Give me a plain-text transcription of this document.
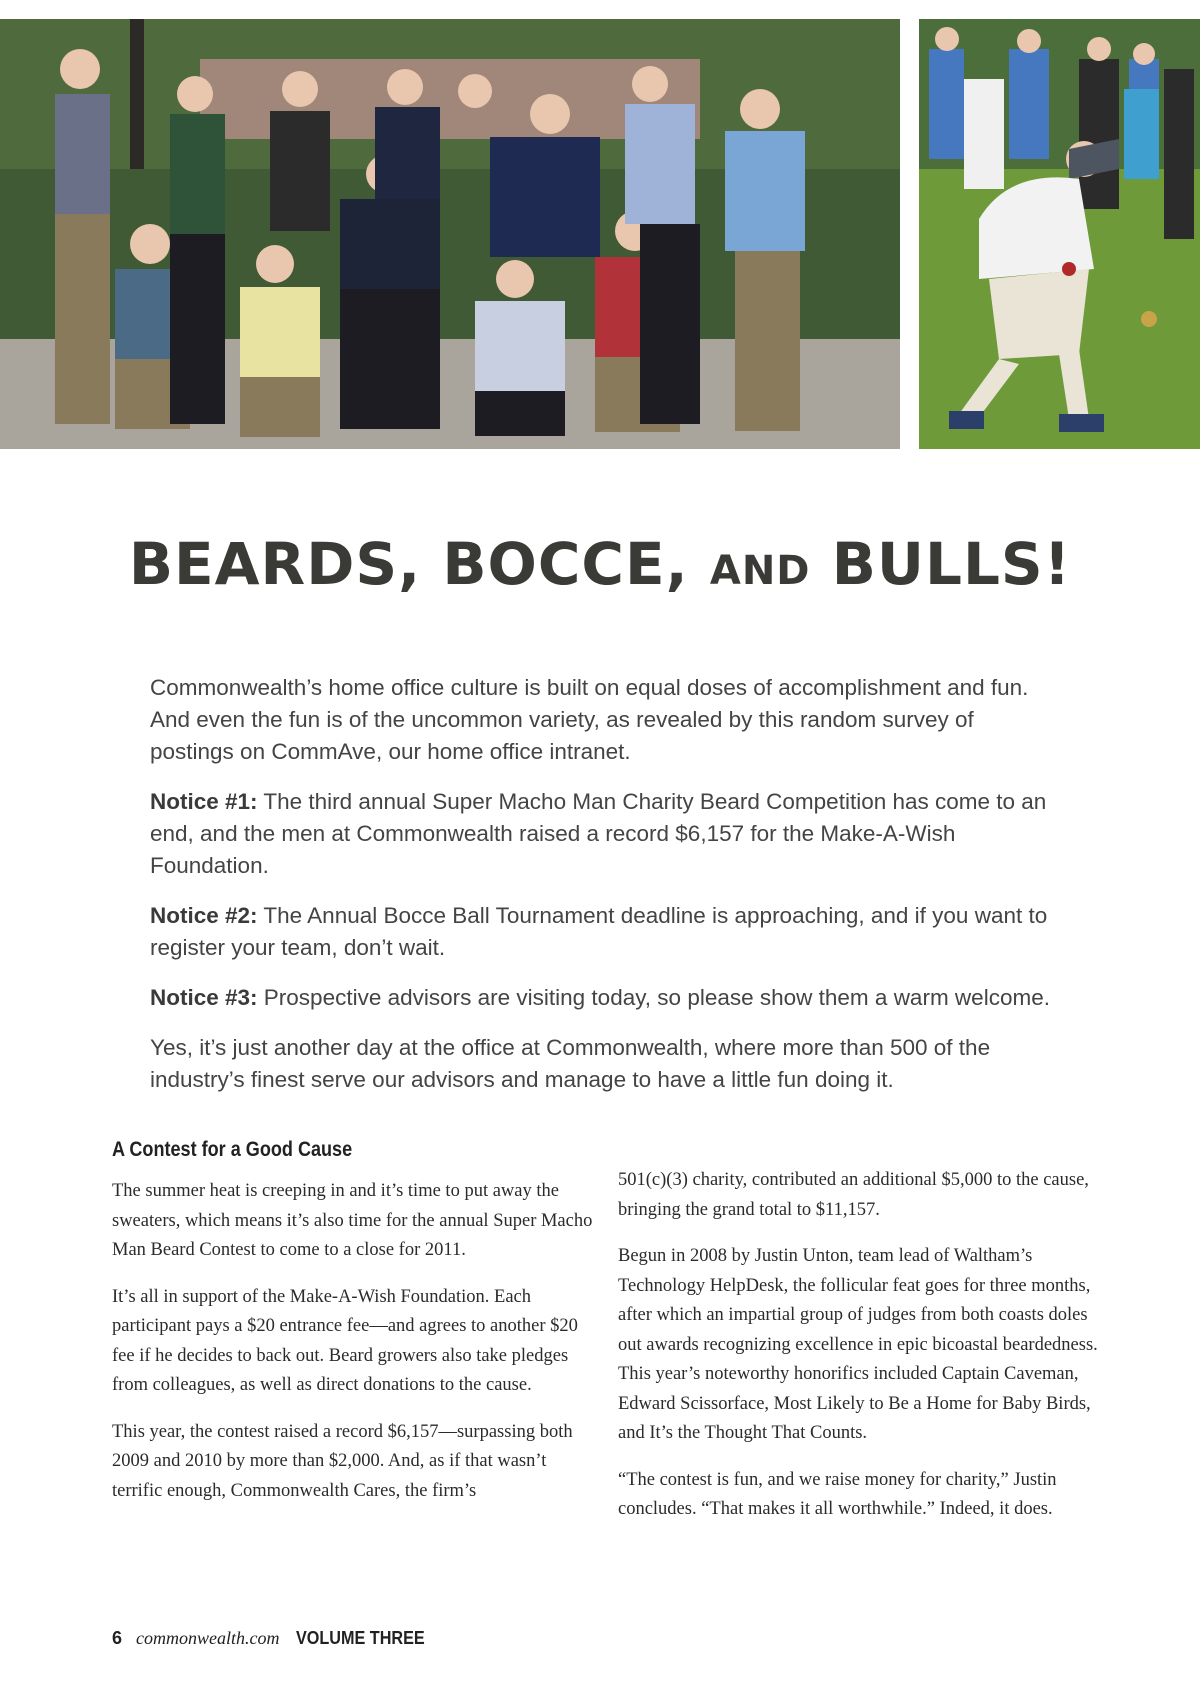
BEARDS, BOCCE, AND BULLS!

Commonwealth’s home office culture is built on equal doses of accomplishment and fun. And even the fun is of the uncommon variety, as revealed by this random survey of postings on CommAve, our home office intranet.

Notice #1: The third annual Super Macho Man Charity Beard Competition has come to an end, and the men at Commonwealth raised a record $6,157 for the Make-A-Wish Foundation.

Notice #2: The Annual Bocce Ball Tournament deadline is approaching, and if you want to register your team, don’t wait.

Notice #3: Prospective advisors are visiting today, so please show them a warm welcome.

Yes, it’s just another day at the office at Commonwealth, where more than 500 of the industry’s finest serve our advisors and manage to have a little fun doing it.

A Contest for a Good Cause

The summer heat is creeping in and it’s time to put away the sweaters, which means it’s also time for the annual Super Macho Man Beard Contest to come to a close for 2011.

It’s all in support of the Make-A-Wish Foundation. Each participant pays a $20 entrance fee—and agrees to another $20 fee if he decides to back out. Beard growers also take pledges from colleagues, as well as direct donations to the cause.

This year, the contest raised a record $6,157—surpassing both 2009 and 2010 by more than $2,000. And, as if that wasn’t terrific enough, Commonwealth Cares, the firm’s

501(c)(3) charity, contributed an additional $5,000 to the cause, bringing the grand total to $11,157.

Begun in 2008 by Justin Unton, team lead of Waltham’s Technology HelpDesk, the follicular feat goes for three months, after which an impartial group of judges from both coasts doles out awards recognizing excellence in epic bicoastal beardedness. This year’s noteworthy honorifics included Captain Caveman, Edward Scissorface, Most Likely to Be a Home for Baby Birds, and It’s the Thought That Counts.

“The contest is fun, and we raise money for charity,” Justin concludes. “That makes it all worthwhile.” Indeed, it does.

6 commonwealth.com VOLUME THREE
